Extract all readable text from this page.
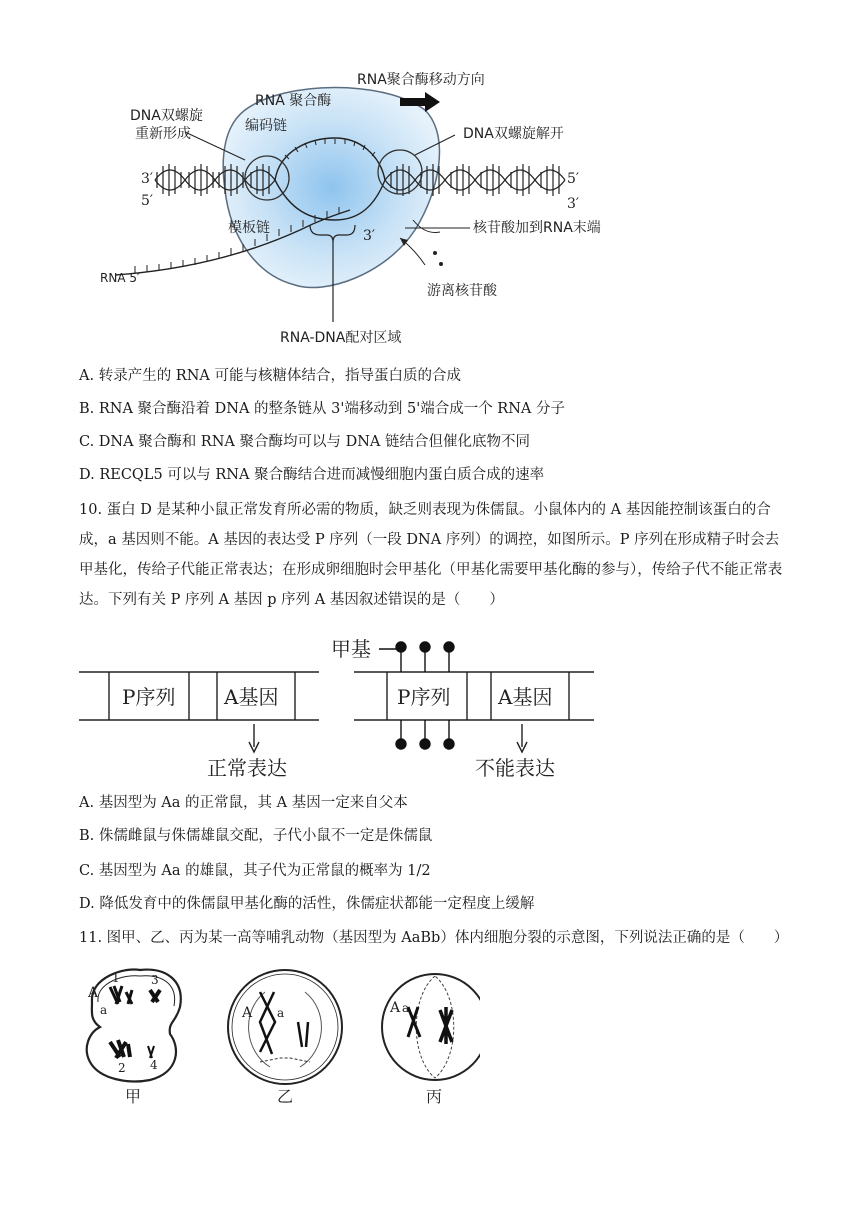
RNA聚合酶移动方向
RNA 聚合酶
DNA双螺旋
重新形成	编码链	DNA双螺旋解开
模板链	核苷酸加到RNA末端
游离核苷酸
RNA-DNA配对区域
RNA 5′
3′
5′
5′
3′
3′
A. 转录产生的 RNA 可能与核糖体结合，指导蛋白质的合成
B. RNA 聚合酶沿着 DNA 的整条链从 3'端移动到 5'端合成一个 RNA 分子
C. DNA 聚合酶和 RNA 聚合酶均可以与 DNA 链结合但催化底物不同
D. RECQL5 可以与 RNA 聚合酶结合进而减慢细胞内蛋白质合成的速率

10. 蛋白 D 是某种小鼠正常发育所必需的物质，缺乏则表现为侏儒鼠。小鼠体内的 A 基因能控制该蛋白的合成，a 基因则不能。A 基因的表达受 P 序列（一段 DNA 序列）的调控，如图所示。P 序列在形成精子时会去甲基化，传给子代能正常表达；在形成卵细胞时会甲基化（甲基化需要甲基化酶的参与），传给子代不能正常表达。下列有关 P 序列 A 基因 p 序列 A 基因叙述错误的是（　　）

P序列 A基因
正常表达
P序列 A基因
甲基
不能表达
A. 基因型为 Aa 的正常鼠，其 A 基因一定来自父本
B. 侏儒雌鼠与侏儒雄鼠交配，子代小鼠不一定是侏儒鼠
C. 基因型为 Aa 的雄鼠，其子代为正常鼠的概率为 1/2
D. 降低发育中的侏儒鼠甲基化酶的活性，侏儒症状都能一定程度上缓解
11. 图甲、乙、丙为某一高等哺乳动物（基因型为 AaBb）体内细胞分裂的示意图，下列说法正确的是（　　）
A
a
1	3
2 4
甲
A a
乙
A a
丙
